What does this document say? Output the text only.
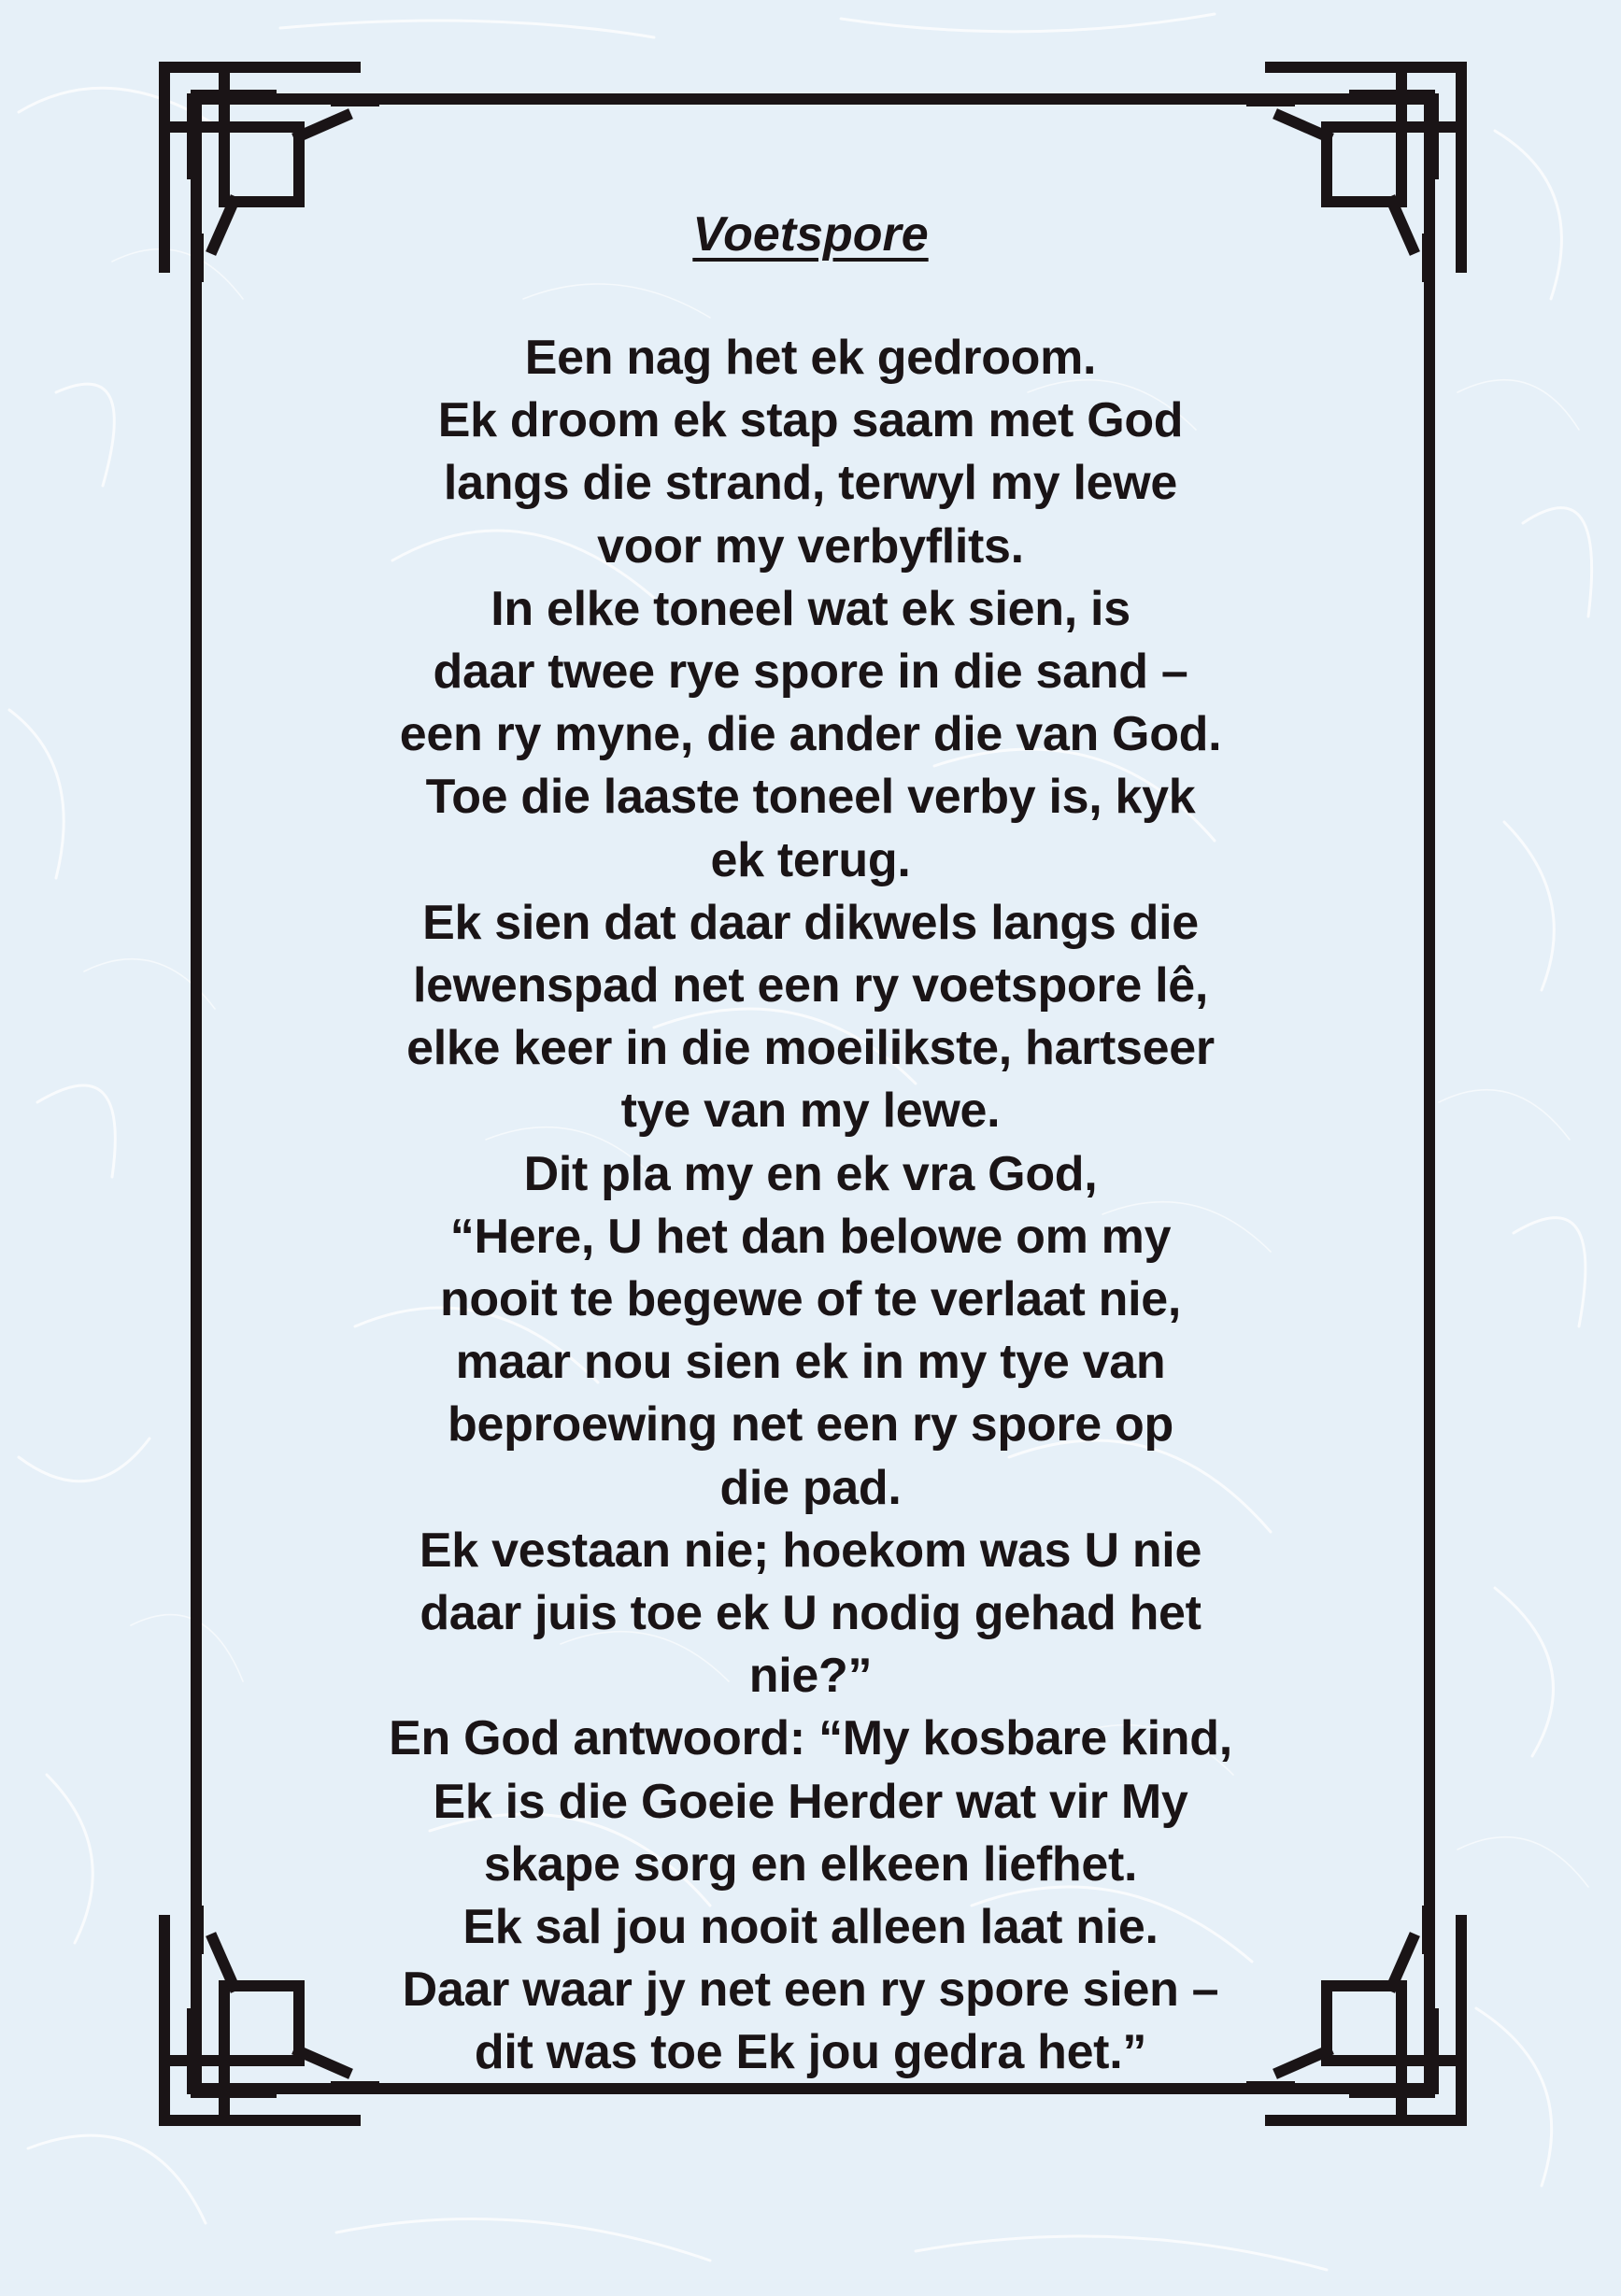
Voetspore
Een nag het ek gedroom.
Ek droom ek stap saam met God
langs die strand, terwyl my lewe
voor my verbyflits.
In elke toneel wat ek sien, is
daar twee rye spore in die sand –
een ry myne, die ander die van God.
Toe die laaste toneel verby is, kyk
ek terug.
Ek sien dat daar dikwels langs die
lewenspad net een ry voetspore lê,
elke keer in die moeilikste, hartseer
tye van my lewe.
Dit pla my en ek vra God,
“Here, U het dan belowe om my
nooit te begewe of te verlaat nie,
maar nou sien ek in my tye van
beproewing net een ry spore op
die pad.
Ek vestaan nie; hoekom was U nie
daar juis toe ek U nodig gehad het
nie?”
En God antwoord: “My kosbare kind,
Ek is die Goeie Herder wat vir My
skape sorg en elkeen liefhet.
Ek sal jou nooit alleen laat nie.
Daar waar jy net een ry spore sien –
dit was toe Ek jou gedra het.”
